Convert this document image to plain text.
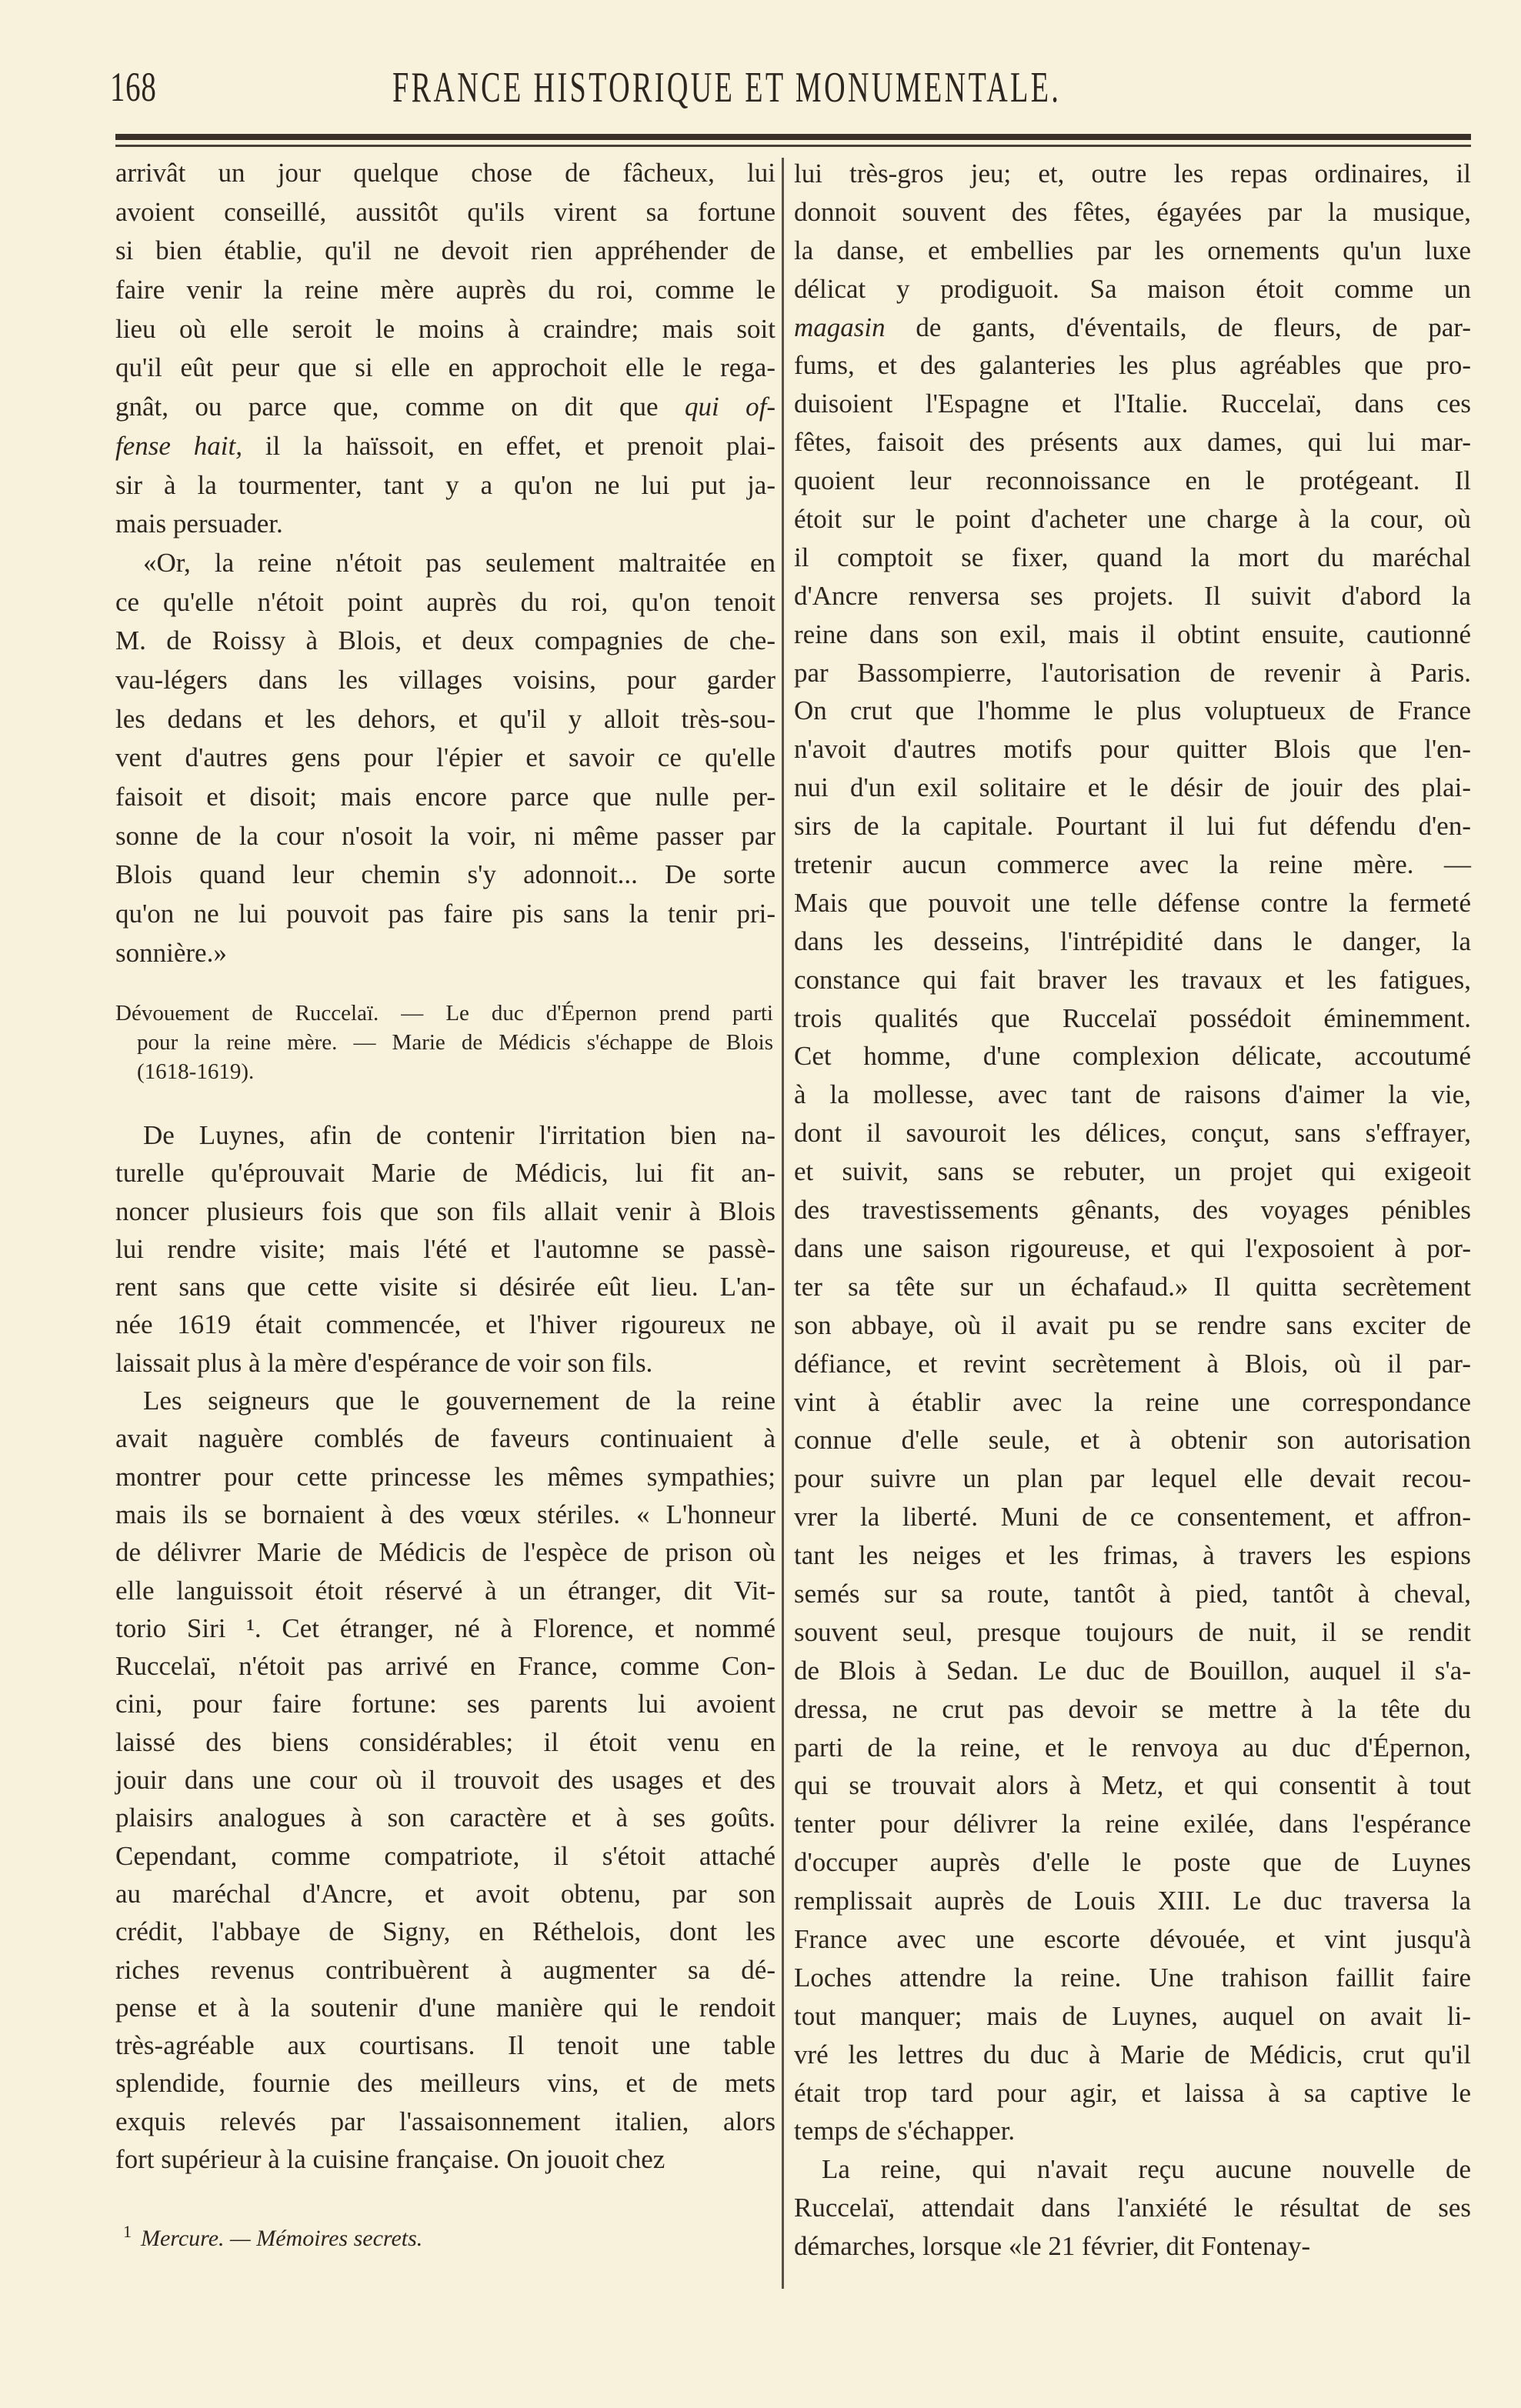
168	FRANCE HISTORIQUE ET MONUMENTALE.
arrivât un jour quelque chose de fâcheux, lui
avoient conseillé, aussitôt qu'ils virent sa fortune
si bien établie, qu'il ne devoit rien appréhender de
faire venir la reine mère auprès du roi, comme le
lieu où elle seroit le moins à craindre; mais soit
qu'il eût peur que si elle en approchoit elle le rega-
gnât, ou parce que, comme on dit que qui of-
fense hait, il la haïssoit, en effet, et prenoit plai-
sir à la tourmenter, tant y a qu'on ne lui put ja-
mais persuader.
«Or, la reine n'étoit pas seulement maltraitée en
ce qu'elle n'étoit point auprès du roi, qu'on tenoit
M. de Roissy à Blois, et deux compagnies de che-
vau-légers dans les villages voisins, pour garder
les dedans et les dehors, et qu'il y alloit très-sou-
vent d'autres gens pour l'épier et savoir ce qu'elle
faisoit et disoit; mais encore parce que nulle per-
sonne de la cour n'osoit la voir, ni même passer par
Blois quand leur chemin s'y adonnoit... De sorte
qu'on ne lui pouvoit pas faire pis sans la tenir pri-
sonnière.»
Dévouement de Ruccelaï. — Le duc d'Épernon prend parti
pour la reine mère. — Marie de Médicis s'échappe de Blois
(1618-1619).
De Luynes, afin de contenir l'irritation bien na-
turelle qu'éprouvait Marie de Médicis, lui fit an-
noncer plusieurs fois que son fils allait venir à Blois
lui rendre visite; mais l'été et l'automne se passè-
rent sans que cette visite si désirée eût lieu. L'an-
née 1619 était commencée, et l'hiver rigoureux ne
laissait plus à la mère d'espérance de voir son fils.
Les seigneurs que le gouvernement de la reine
avait naguère comblés de faveurs continuaient à
montrer pour cette princesse les mêmes sympathies;
mais ils se bornaient à des vœux stériles. « L'honneur
de délivrer Marie de Médicis de l'espèce de prison où
elle languissoit étoit réservé à un étranger, dit Vit-
torio Siri ¹. Cet étranger, né à Florence, et nommé
Ruccelaï, n'étoit pas arrivé en France, comme Con-
cini, pour faire fortune: ses parents lui avoient
laissé des biens considérables; il étoit venu en
jouir dans une cour où il trouvoit des usages et des
plaisirs analogues à son caractère et à ses goûts.
Cependant, comme compatriote, il s'étoit attaché
au maréchal d'Ancre, et avoit obtenu, par son
crédit, l'abbaye de Signy, en Réthelois, dont les
riches revenus contribuèrent à augmenter sa dé-
pense et à la soutenir d'une manière qui le rendoit
très-agréable aux courtisans. Il tenoit une table
splendide, fournie des meilleurs vins, et de mets
exquis relevés par l'assaisonnement italien, alors
fort supérieur à la cuisine française. On jouoit chez
lui très-gros jeu; et, outre les repas ordinaires, il
donnoit souvent des fêtes, égayées par la musique,
la danse, et embellies par les ornements qu'un luxe
délicat y prodiguoit. Sa maison étoit comme un
magasin de gants, d'éventails, de fleurs, de par-
fums, et des galanteries les plus agréables que pro-
duisoient l'Espagne et l'Italie. Ruccelaï, dans ces
fêtes, faisoit des présents aux dames, qui lui mar-
quoient leur reconnoissance en le protégeant. Il
étoit sur le point d'acheter une charge à la cour, où
il comptoit se fixer, quand la mort du maréchal
d'Ancre renversa ses projets. Il suivit d'abord la
reine dans son exil, mais il obtint ensuite, cautionné
par Bassompierre, l'autorisation de revenir à Paris.
On crut que l'homme le plus voluptueux de France
n'avoit d'autres motifs pour quitter Blois que l'en-
nui d'un exil solitaire et le désir de jouir des plai-
sirs de la capitale. Pourtant il lui fut défendu d'en-
tretenir aucun commerce avec la reine mère. —
Mais que pouvoit une telle défense contre la fermeté
dans les desseins, l'intrépidité dans le danger, la
constance qui fait braver les travaux et les fatigues,
trois qualités que Ruccelaï possédoit éminemment.
Cet homme, d'une complexion délicate, accoutumé
à la mollesse, avec tant de raisons d'aimer la vie,
dont il savouroit les délices, conçut, sans s'effrayer,
et suivit, sans se rebuter, un projet qui exigeoit
des travestissements gênants, des voyages pénibles
dans une saison rigoureuse, et qui l'exposoient à por-
ter sa tête sur un échafaud.» Il quitta secrètement
son abbaye, où il avait pu se rendre sans exciter de
défiance, et revint secrètement à Blois, où il par-
vint à établir avec la reine une correspondance
connue d'elle seule, et à obtenir son autorisation
pour suivre un plan par lequel elle devait recou-
vrer la liberté. Muni de ce consentement, et affron-
tant les neiges et les frimas, à travers les espions
semés sur sa route, tantôt à pied, tantôt à cheval,
souvent seul, presque toujours de nuit, il se rendit
de Blois à Sedan. Le duc de Bouillon, auquel il s'a-
dressa, ne crut pas devoir se mettre à la tête du
parti de la reine, et le renvoya au duc d'Épernon,
qui se trouvait alors à Metz, et qui consentit à tout
tenter pour délivrer la reine exilée, dans l'espérance
d'occuper auprès d'elle le poste que de Luynes
remplissait auprès de Louis XIII. Le duc traversa la
France avec une escorte dévouée, et vint jusqu'à
Loches attendre la reine. Une trahison faillit faire
tout manquer; mais de Luynes, auquel on avait li-
vré les lettres du duc à Marie de Médicis, crut qu'il
était trop tard pour agir, et laissa à sa captive le
temps de s'échapper.
La reine, qui n'avait reçu aucune nouvelle de
Ruccelaï, attendait dans l'anxiété le résultat de ses
démarches, lorsque «le 21 février, dit Fontenay-
$^1$ Mercure. — Mémoires secrets.
